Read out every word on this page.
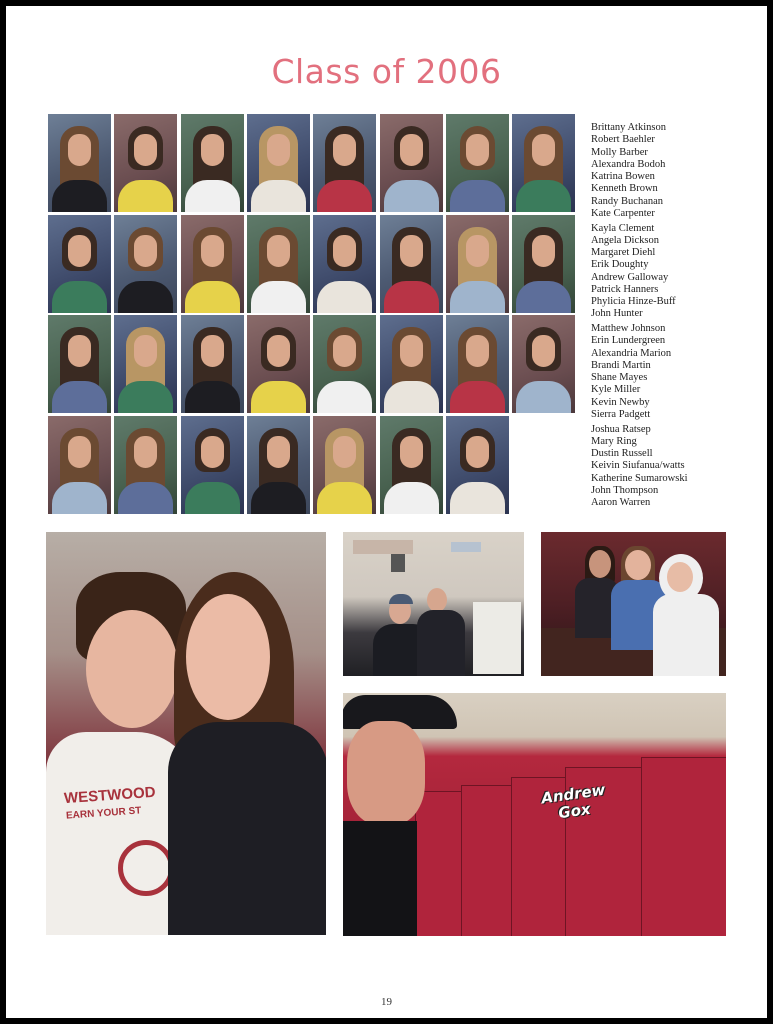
Class of 2006
Brittany Atkinson
Robert Baehler
Molly Barber
Alexandra Bodoh
Katrina Bowen
Kenneth Brown
Randy Buchanan
Kate Carpenter
Kayla Clement
Angela Dickson
Margaret Diehl
Erik Doughty
Andrew Galloway
Patrick Hanners
Phylicia Hinze-Buff
John Hunter
Matthew Johnson
Erin Lundergreen
Alexandria Marion
Brandi Martin
Shane Mayes
Kyle Miller
Kevin Newby
Sierra Padgett
Joshua Ratsep
Mary Ring
Dustin Russell
Keivin Siufanua/watts
Katherine Sumarowski
John Thompson
Aaron Warren
WESTWOOD
EARN YOUR ST
Andrew Gox
19
